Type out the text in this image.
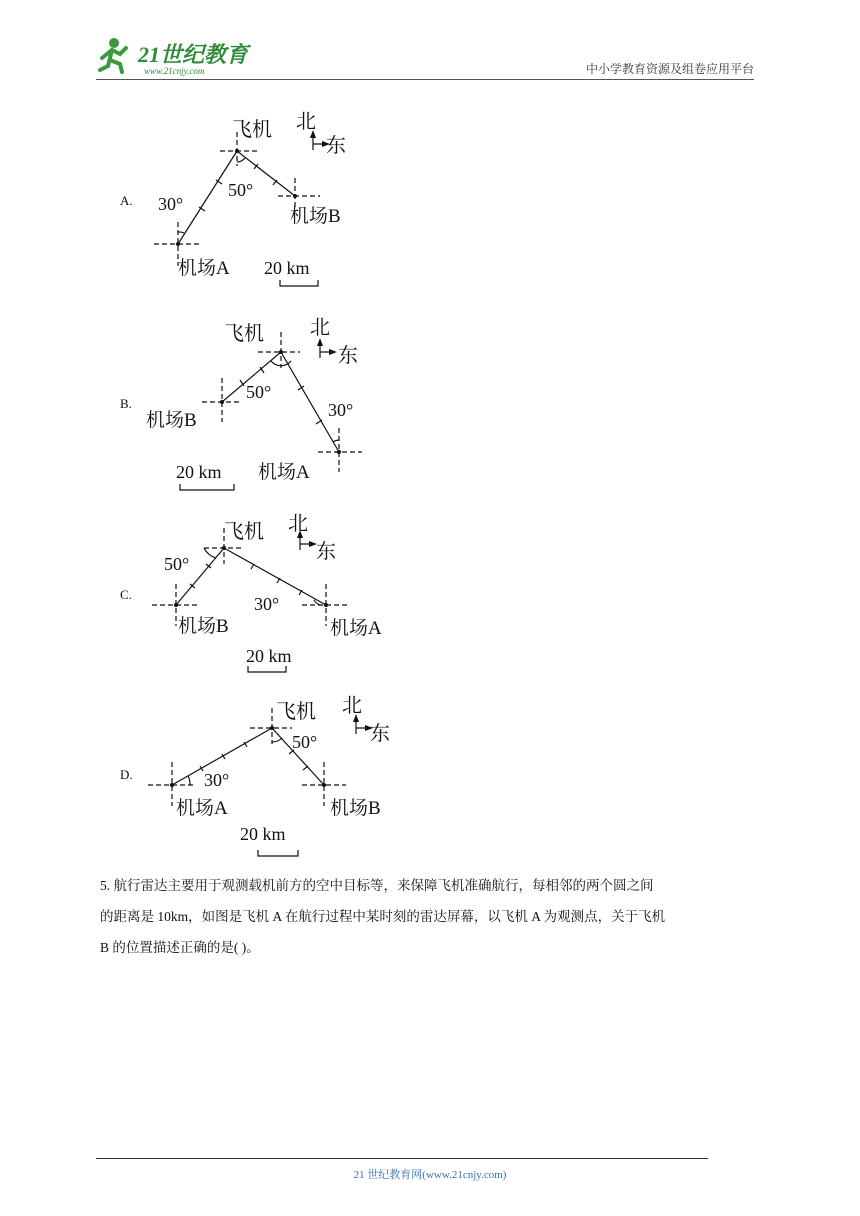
21世纪教育
www.21cnjy.com	中小学教育资源及组卷应用平台
A.
飞机 北
东
50°
30°
机场B
机场A 20 km
B.
飞机 北
东
50°
30°
机场B
机场A
20 km
C.
飞机 北
东
50°
30°
机场B	机场A
20 km
D.
飞机 北
东
50°
30°
机场A	机场B
20 km
5. 航行雷达主要用于观测载机前方的空中目标等，来保障飞机准确航行，每相邻的两个圆之间
的距离是 10km，如图是飞机 A 在航行过程中某时刻的雷达屏幕，以飞机 A 为观测点，关于飞机
B 的位置描述正确的是( )。
21 世纪教育网(www.21cnjy.com)
